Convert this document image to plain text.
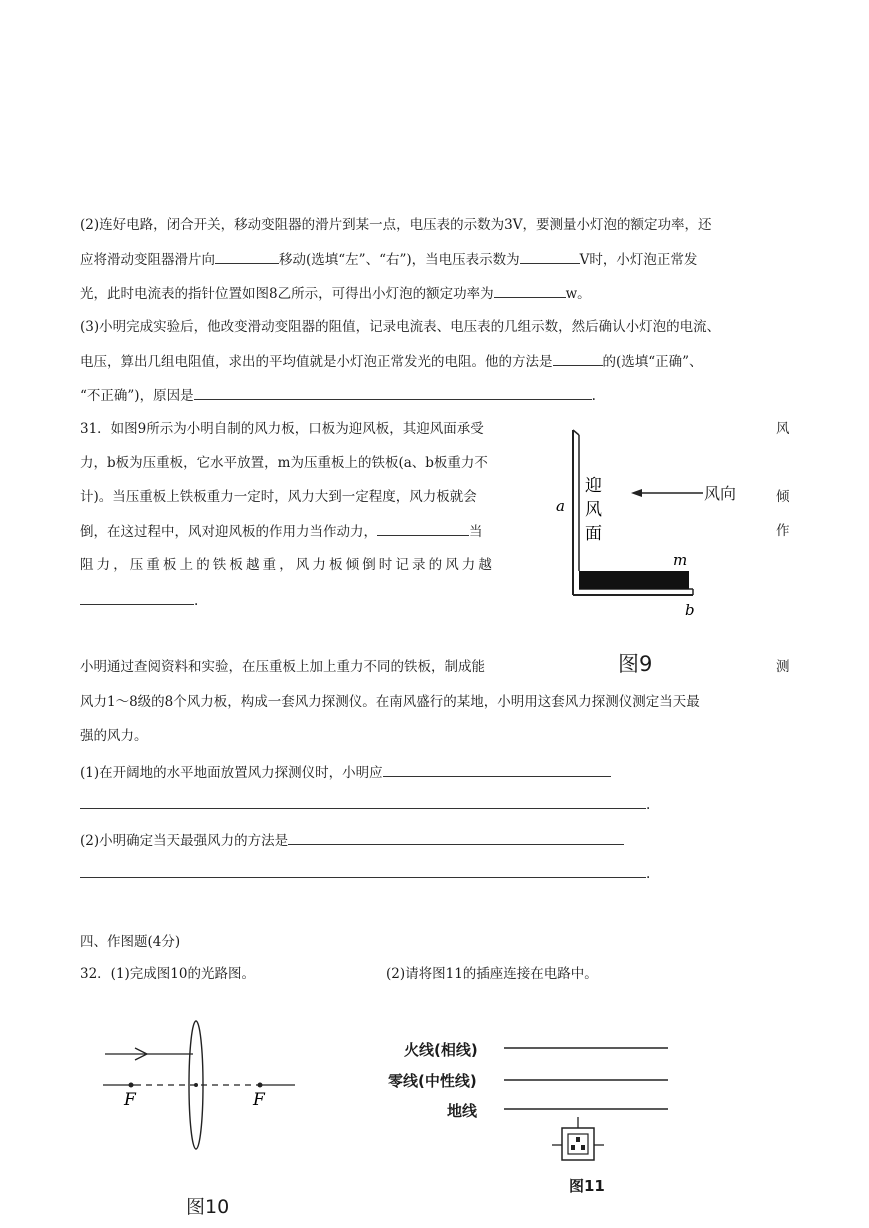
(2)连好电路，闭合开关，移动变阻器的滑片到某一点，电压表的示数为3V，要测量小灯泡的额定功率，还
应将滑动变阻器滑片向	移动(选填“左”、“右”)，当电压表示数为	V时，小灯泡正常发
光，此时电流表的指针位置如图8乙所示，可得出小灯泡的额定功率为	w。
(3)小明完成实验后，他改变滑动变阻器的阻值，记录电流表、电压表的几组示数，然后确认小灯泡的电流、
电压，算出几组电阻值，求出的平均值就是小灯泡正常发光的电阻。他的方法是	的(选填“正确”、
“不正确”)，原因是	.
31．如图9所示为小明自制的风力板，口板为迎风板，其迎风面承受	风
力，b板为压重板，它水平放置，m为压重板上的铁板(a、b板重力不
计)。当压重板上铁板重力一定时，风力大到一定程度，风力板就会	倾
倒，在这过程中，风对迎风板的作用力当作动力，	当	作
阻力，压重板上的铁板越重，风力板倾倒时记录的风力越
.
a
m
b
迎
风
面
风向
图9
小明通过查阅资料和实验，在压重板上加上重力不同的铁板，制成能	测
风力1～8级的8个风力板，构成一套风力探测仪。在南风盛行的某地，小明用这套风力探测仪测定当天最
强的风力。
(1)在开阔地的水平地面放置风力探测仪时，小明应
.
(2)小明确定当天最强风力的方法是
.
四、作图题(4分)
32．(1)完成图10的光路图。	(2)请将图11的插座连接在电路中。
F	F
图10
火线(相线)
零线(中性线)
地线
图11
